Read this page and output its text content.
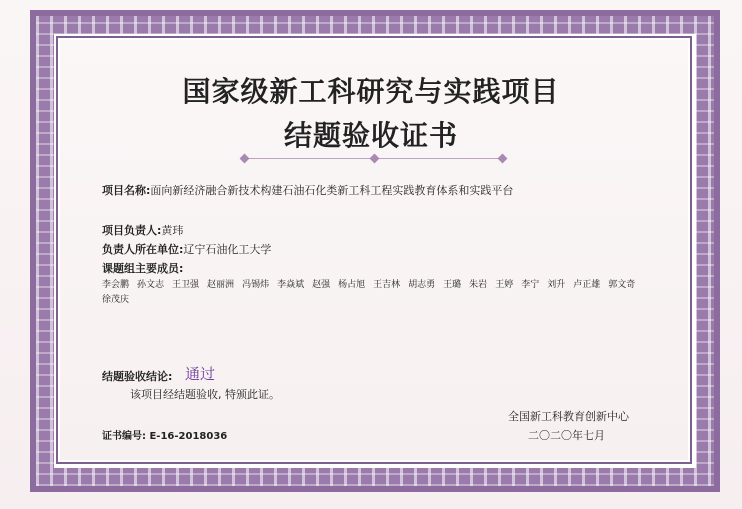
国家级新工科研究与实践项目
结题验收证书
项目名称:面向新经济融合新技术构建石油石化类新工科工程实践教育体系和实践平台
项目负责人:黄玮
负责人所在单位:辽宁石油化工大学
课题组主要成员:
李会鹏 孙文志 王卫强 赵丽洲 冯锡炜 李焱斌 赵强 杨占旭 王吉林 胡志勇 王璐 朱岩 王婷 李宁 刘升 卢正雄 郭文奇
徐茂庆
结题验收结论: 通过
该项目经结题验收, 特颁此证。
全国新工科教育创新中心
二〇二〇年七月
证书编号: E-16-2018036
